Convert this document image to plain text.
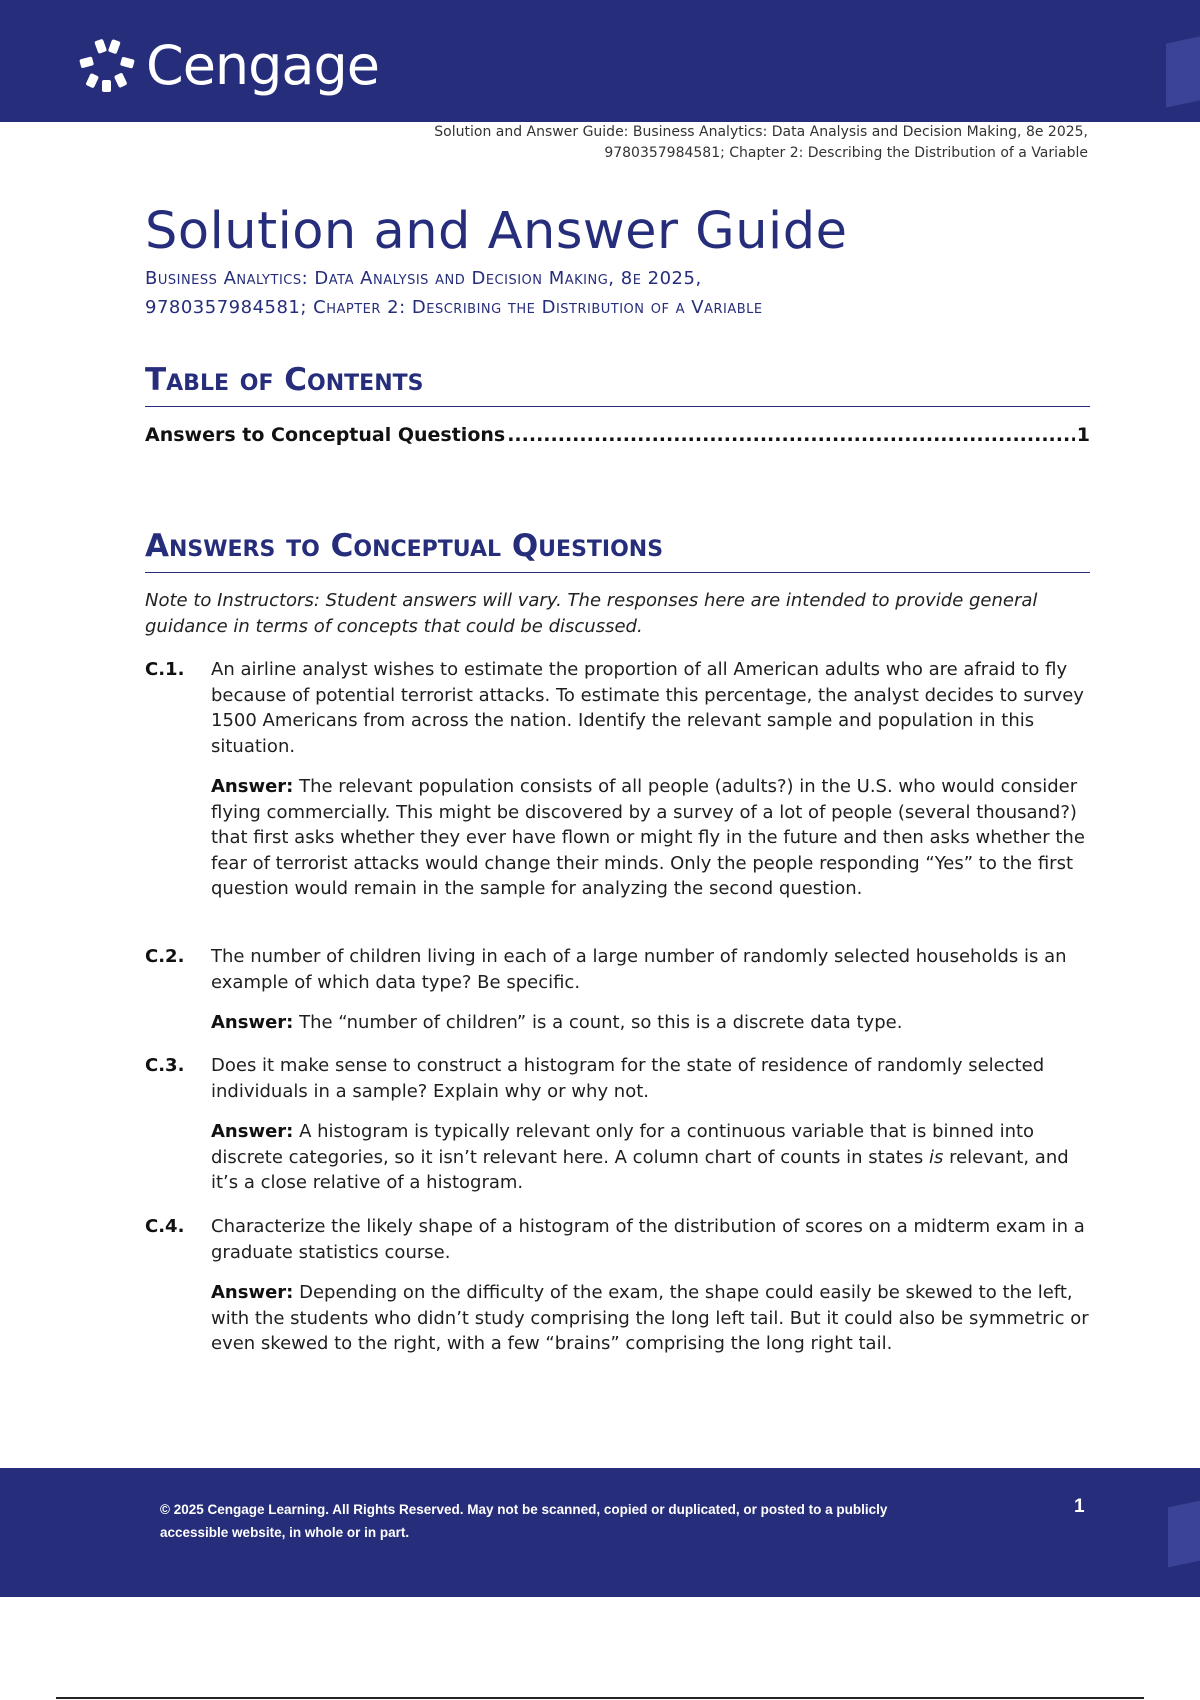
Cengage
Solution and Answer Guide: Business Analytics: Data Analysis and Decision Making, 8e 2025,
9780357984581; Chapter 2: Describing the Distribution of a Variable
Solution and Answer Guide
Business Analytics: Data Analysis and Decision Making, 8e 2025,
9780357984581; Chapter 2: Describing the Distribution of a Variable
Table of Contents
Answers to Conceptual Questions
.....	1
Answers to Conceptual Questions
Note to Instructors: Student answers will vary. The responses here are intended to provide general guidance in terms of concepts that could be discussed.
C.1.	An airline analyst wishes to estimate the proportion of all American adults who are afraid to fly because of potential terrorist attacks. To estimate this percentage, the analyst decides to survey 1500 Americans from across the nation. Identify the relevant sample and population in this situation.
Answer: The relevant population consists of all people (adults?) in the U.S. who would consider flying commercially. This might be discovered by a survey of a lot of people (several thousand?) that first asks whether they ever have flown or might fly in the future and then asks whether the fear of terrorist attacks would change their minds. Only the people responding “Yes” to the first question would remain in the sample for analyzing the second question.
C.2.	The number of children living in each of a large number of randomly selected households is an example of which data type? Be specific.
Answer: The “number of children” is a count, so this is a discrete data type.
C.3.	Does it make sense to construct a histogram for the state of residence of randomly selected individuals in a sample? Explain why or why not.
Answer: A histogram is typically relevant only for a continuous variable that is binned into discrete categories, so it isn’t relevant here. A column chart of counts in states is relevant, and it’s a close relative of a histogram.
C.4.	Characterize the likely shape of a histogram of the distribution of scores on a midterm exam in a graduate statistics course.
Answer: Depending on the difficulty of the exam, the shape could easily be skewed to the left, with the students who didn’t study comprising the long left tail. But it could also be symmetric or even skewed to the right, with a few “brains” comprising the long right tail.
© 2025 Cengage Learning. All Rights Reserved. May not be scanned, copied or duplicated, or posted to a publicly
accessible website, in whole or in part.
1
